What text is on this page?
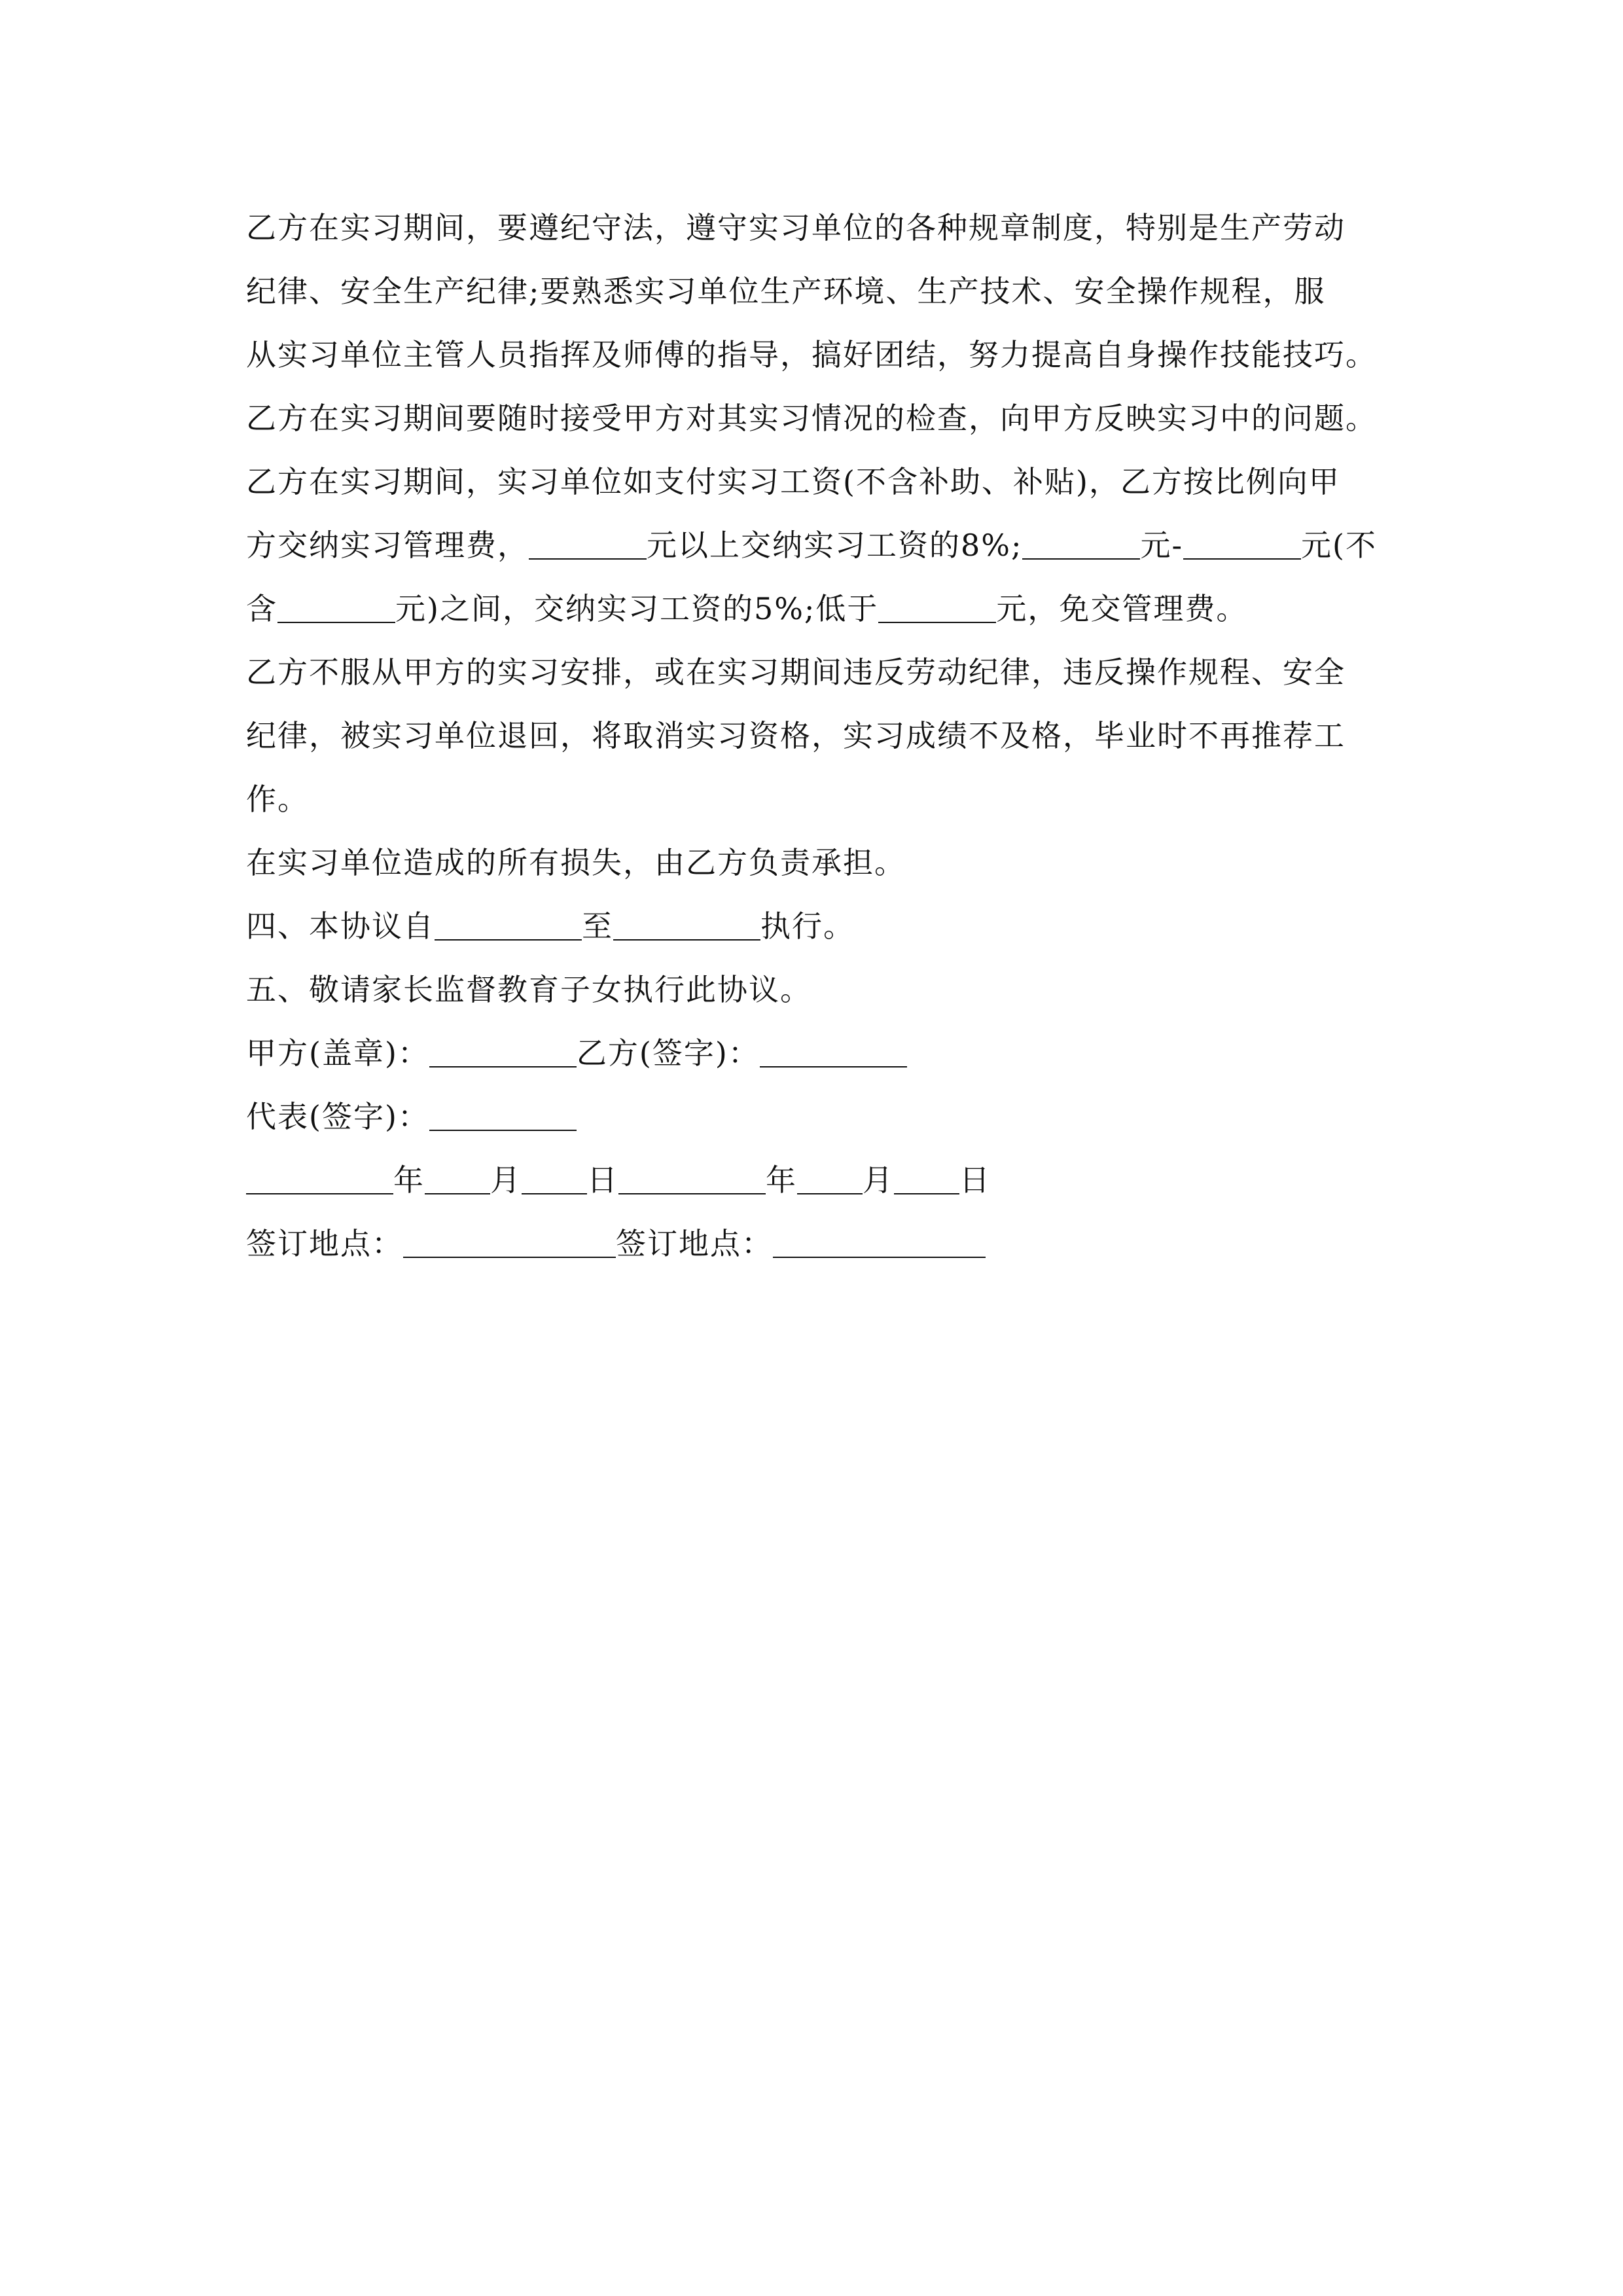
乙方在实习期间，要遵纪守法，遵守实习单位的各种规章制度，特别是生产劳动
纪律、安全生产纪律;要熟悉实习单位生产环境、生产技术、安全操作规程，服
从实习单位主管人员指挥及师傅的指导，搞好团结，努力提高自身操作技能技巧。
乙方在实习期间要随时接受甲方对其实习情况的检查，向甲方反映实习中的问题。
乙方在实习期间，实习单位如支付实习工资(不含补助、补贴)，乙方按比例向甲
方交纳实习管理费，	元以上交纳实习工资的8%;	元-	元(不
含	元)之间，交纳实习工资的5%;低于	元，免交管理费。
乙方不服从甲方的实习安排，或在实习期间违反劳动纪律，违反操作规程、安全
纪律，被实习单位退回，将取消实习资格，实习成绩不及格，毕业时不再推荐工
作。
在实习单位造成的所有损失，由乙方负责承担。
四、本协议自	至	执行。
五、敬请家长监督教育子女执行此协议。
甲方(盖章)：	乙方(签字)：
代表(签字)：
年 月 日	年 月 日
签订地点：	签订地点：
